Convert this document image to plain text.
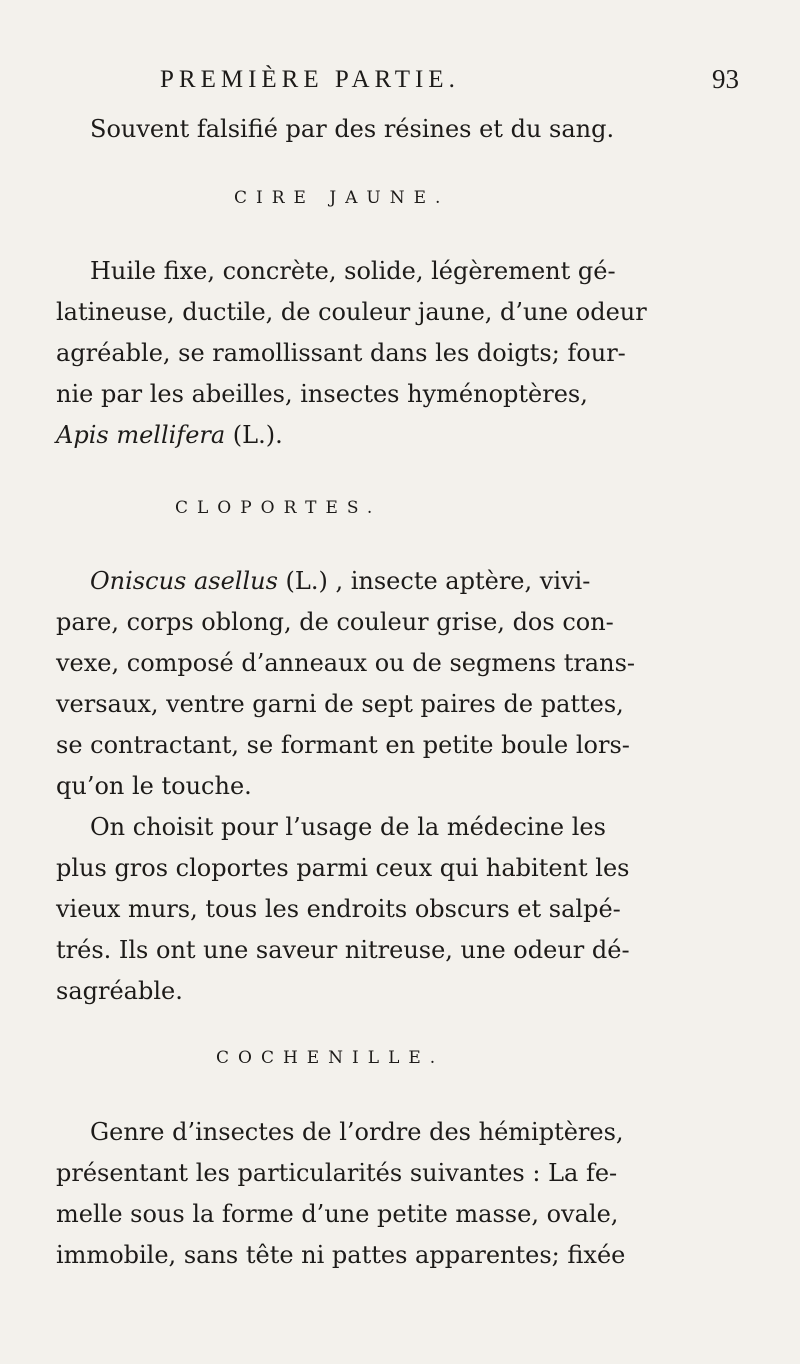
PREMIÈRE PARTIE.	93
Souvent falsifié par des résines et du sang.
CIRE JAUNE.
Huile fixe, concrète, solide, légèrement gé-
latineuse, ductile, de couleur jaune, d’une odeur
agréable, se ramollissant dans les doigts; four-
nie par les abeilles, insectes hyménoptères,
Apis mellifera (L.).
CLOPORTES.
Oniscus asellus (L.) , insecte aptère, vivi-
pare, corps oblong, de couleur grise, dos con-
vexe, composé d’anneaux ou de segmens trans-
versaux, ventre garni de sept paires de pattes,
se contractant, se formant en petite boule lors-
qu’on le touche.
On choisit pour l’usage de la médecine les
plus gros cloportes parmi ceux qui habitent les
vieux murs, tous les endroits obscurs et salpé-
trés. Ils ont une saveur nitreuse, une odeur dé-
sagréable.
COCHENILLE.
Genre d’insectes de l’ordre des hémiptères,
présentant les particularités suivantes : La fe-
melle sous la forme d’une petite masse, ovale,
immobile, sans tête ni pattes apparentes; fixée
